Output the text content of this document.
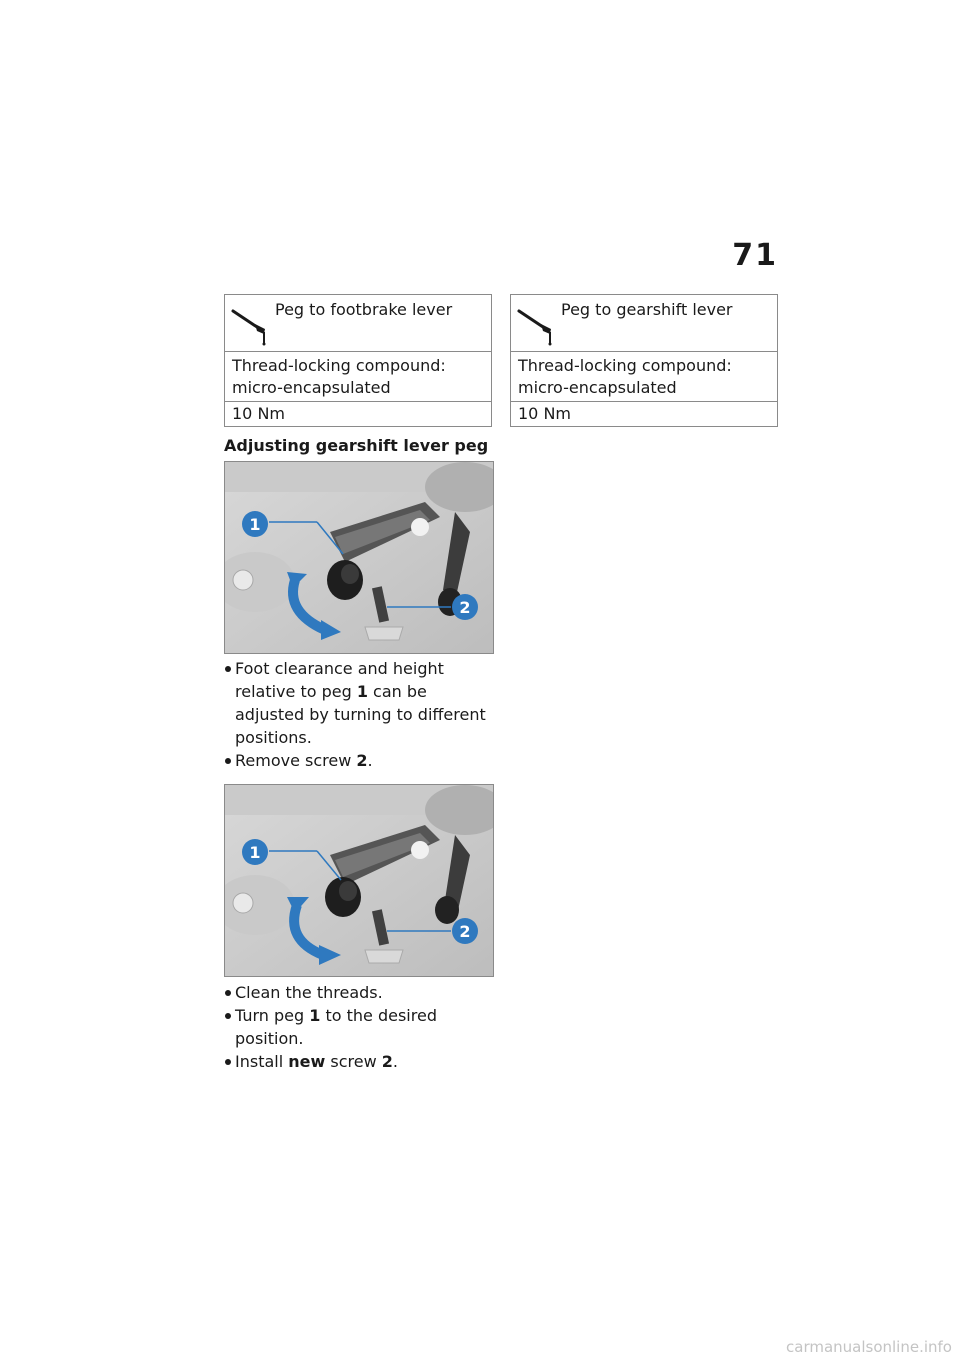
71
Peg to footbrake lever
Thread-locking compound: micro-encapsulated
10 Nm
Peg to gearshift lever
Thread-locking compound: micro-encapsulated
10 Nm
Adjusting gearshift lever peg
1
2
Foot clearance and height relative to peg 1 can be adjusted by turning to different positions.
Remove screw 2.
1
2
Clean the threads.
Turn peg 1 to the desired position.
Install new screw 2.
carmanualsonline.info
